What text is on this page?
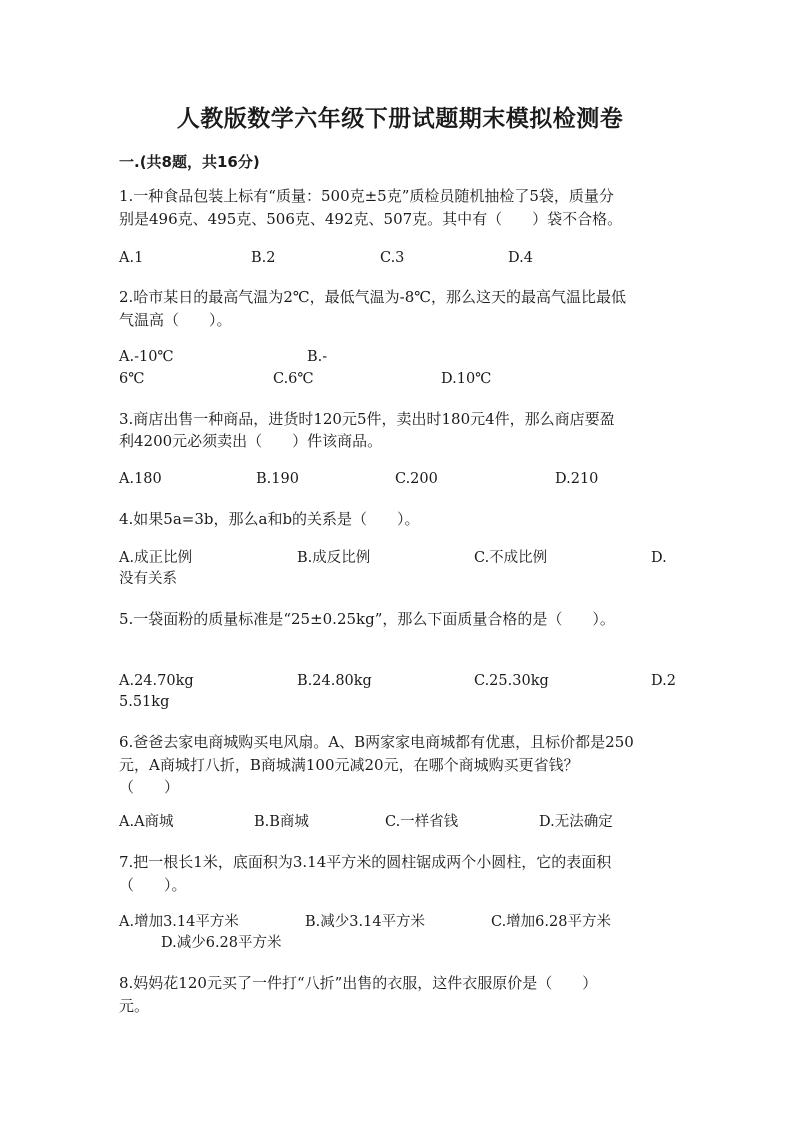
人教版数学六年级下册试题期末模拟检测卷
一.(共8题，共16分)
1.一种食品包装上标有“质量：500克±5克”质检员随机抽检了5袋，质量分
别是496克、495克、506克、492克、507克。其中有（　　）袋不合格。
A.1	B.2	C.3	D.4
2.哈市某日的最高气温为2℃，最低气温为-8℃，那么这天的最高气温比最低
气温高（　　）。
A.-10℃	B.-
6℃	C.6℃	D.10℃
3.商店出售一种商品，进货时120元5件，卖出时180元4件，那么商店要盈
利4200元必须卖出（　　）件该商品。
A.180	B.190	C.200	D.210
4.如果5a=3b，那么a和b的关系是（　　）。
A.成正比例	B.成反比例	C.不成比例	D.
没有关系
5.一袋面粉的质量标准是“25±0.25kg”，那么下面质量合格的是（　　）。
A.24.70kg	B.24.80kg	C.25.30kg	D.2
5.51kg
6.爸爸去家电商城购买电风扇。A、B两家家电商城都有优惠，且标价都是250
元，A商城打八折，B商城满100元减20元，在哪个商城购买更省钱？
（　　）
A.A商城	B.B商城	C.一样省钱	D.无法确定
7.把一根长1米，底面积为3.14平方米的圆柱锯成两个小圆柱，它的表面积
（　　）。
A.增加3.14平方米	B.减少3.14平方米	C.增加6.28平方米
D.减少6.28平方米
8.妈妈花120元买了一件打“八折”出售的衣服，这件衣服原价是（　　）
元。
